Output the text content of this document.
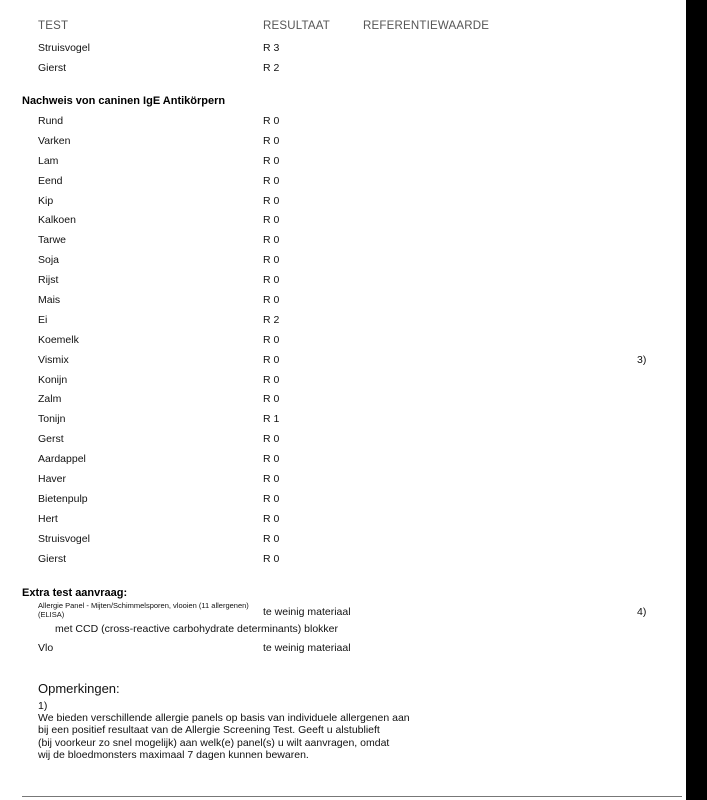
TEST	RESULTAAT	REFERENTIEWAARDE
Struisvogel	R 3
Gierst	R 2
Nachweis von caninen IgE Antikörpern
Rund	R 0
Varken	R 0
Lam	R 0
Eend	R 0
Kip	R 0
Kalkoen	R 0
Tarwe	R 0
Soja	R 0
Rijst	R 0
Mais	R 0
Ei	R 2
Koemelk	R 0
Vismix	R 0	3)
Konijn	R 0
Zalm	R 0
Tonijn	R 1
Gerst	R 0
Aardappel	R 0
Haver	R 0
Bietenpulp	R 0
Hert	R 0
Struisvogel	R 0
Gierst	R 0
Extra test aanvraag:
Allergie Panel - Mijten/Schimmelsporen, vlooien (11 allergenen)
(ELISA)	te weinig materiaal	4)
met CCD (cross-reactive carbohydrate determinants) blokker
Vlo	te weinig materiaal
Opmerkingen:
1)
We bieden verschillende allergie panels op basis van individuele allergenen aan
bij een positief resultaat van de Allergie Screening Test. Geeft u alstublieft
(bij voorkeur zo snel mogelijk) aan welk(e) panel(s) u wilt aanvragen, omdat
wij de bloedmonsters maximaal 7 dagen kunnen bewaren.
